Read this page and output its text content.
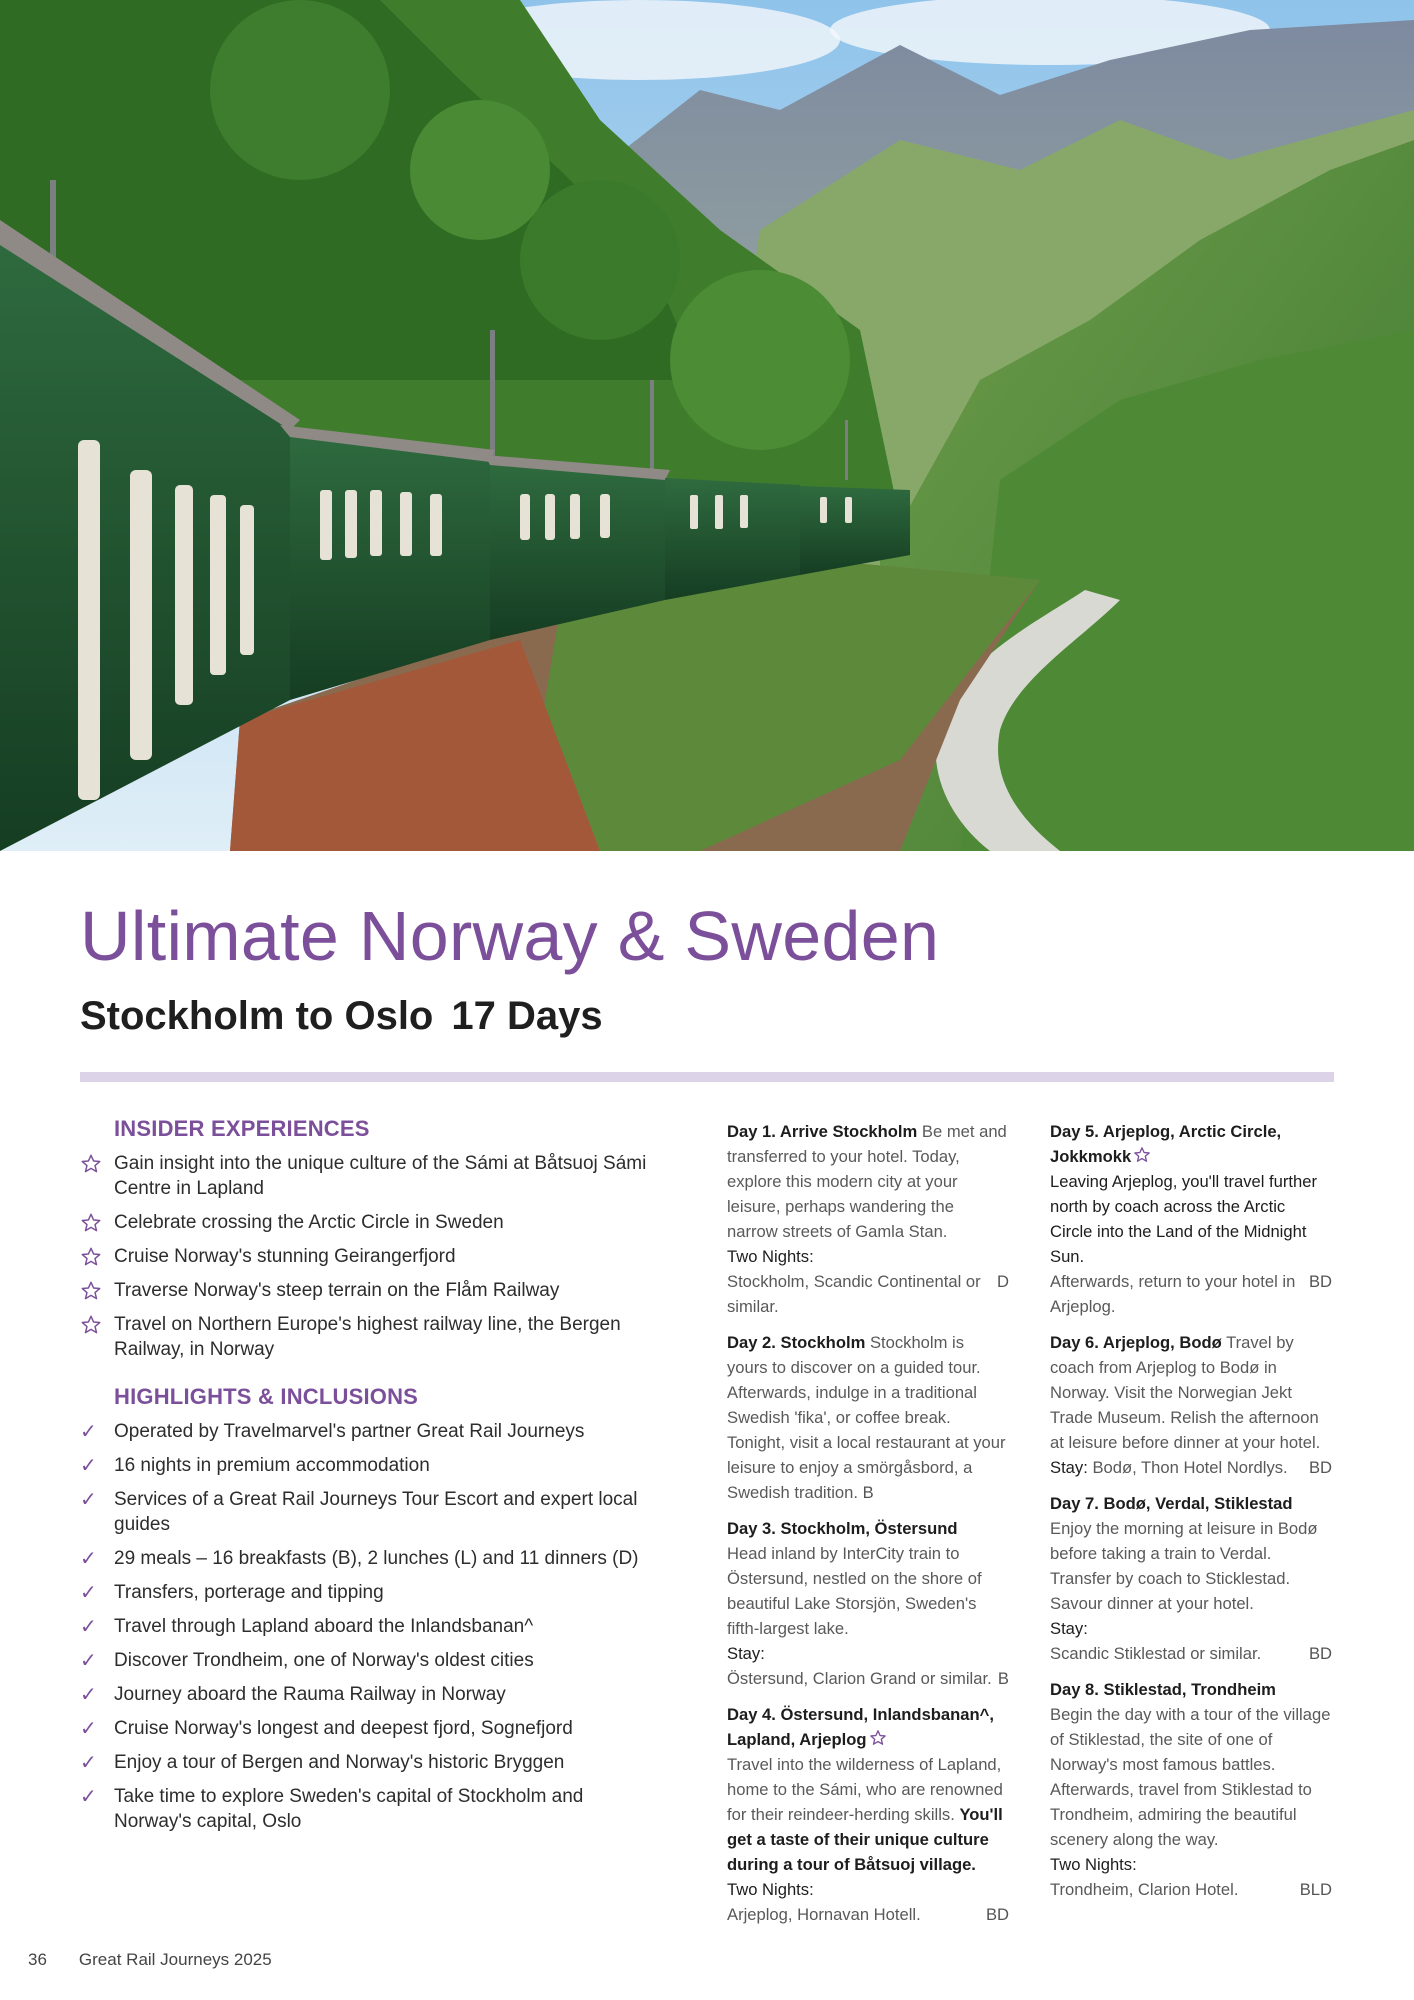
Ultimate Norway & Sweden
Stockholm to Oslo 17 Days
INSIDER EXPERIENCES
Gain insight into the unique culture of the Sámi at Båtsuoj Sámi Centre in Lapland
Celebrate crossing the Arctic Circle in Sweden
Cruise Norway's stunning Geirangerfjord
Traverse Norway's steep terrain on the Flåm Railway
Travel on Northern Europe's highest railway line, the Bergen Railway, in Norway
HIGHLIGHTS & INCLUSIONS
✓ Operated by Travelmarvel's partner Great Rail Journeys
✓ 16 nights in premium accommodation
✓ Services of a Great Rail Journeys Tour Escort and expert local guides
✓ 29 meals – 16 breakfasts (B), 2 lunches (L) and 11 dinners (D)
✓ Transfers, porterage and tipping
✓ Travel through Lapland aboard the Inlandsbanan^
✓ Discover Trondheim, one of Norway's oldest cities
✓ Journey aboard the Rauma Railway in Norway
✓ Cruise Norway's longest and deepest fjord, Sognefjord
✓ Enjoy a tour of Bergen and Norway's historic Bryggen
✓ Take time to explore Sweden's capital of Stockholm and Norway's capital, Oslo
Day 1. Arrive Stockholm Be met and transferred to your hotel. Today, explore this modern city at your leisure, perhaps wandering the narrow streets of Gamla Stan.
Two Nights:
Stockholm, Scandic Continental or similar.
D
Day 2. Stockholm Stockholm is yours to discover on a guided tour. Afterwards, indulge in a traditional Swedish 'fika', or coffee break. Tonight, visit a local restaurant at your leisure to enjoy a smörgåsbord, a Swedish tradition. B
Day 3. Stockholm, Östersund
Head inland by InterCity train to Östersund, nestled on the shore of beautiful Lake Storsjön, Sweden's fifth-largest lake.
Stay:
Östersund, Clarion Grand or similar. B
Day 4. Östersund, Inlandsbanan^, Lapland, Arjeplog
Travel into the wilderness of Lapland, home to the Sámi, who are renowned for their reindeer-herding skills. You'll get a taste of their unique culture during a tour of Båtsuoj village.
Two Nights:
Arjeplog, Hornavan Hotell.	BD
Day 5. Arjeplog, Arctic Circle, Jokkmokk
Leaving Arjeplog, you'll travel further north by coach across the Arctic Circle into the Land of the Midnight Sun.
Afterwards, return to your hotel in Arjeplog.
BD
Day 6. Arjeplog, Bodø Travel by coach from Arjeplog to Bodø in Norway. Visit the Norwegian Jekt Trade Museum. Relish the afternoon at leisure before dinner at your hotel.
Stay: Bodø, Thon Hotel Nordlys. BD
Day 7. Bodø, Verdal, Stiklestad
Enjoy the morning at leisure in Bodø before taking a train to Verdal. Transfer by coach to Sticklestad. Savour dinner at your hotel.
Stay:
Scandic Stiklestad or similar.	BD
Day 8. Stiklestad, Trondheim
Begin the day with a tour of the village of Stiklestad, the site of one of Norway's most famous battles. Afterwards, travel from Stiklestad to Trondheim, admiring the beautiful scenery along the way.
Two Nights:
Trondheim, Clarion Hotel.	BLD
36 Great Rail Journeys 2025
